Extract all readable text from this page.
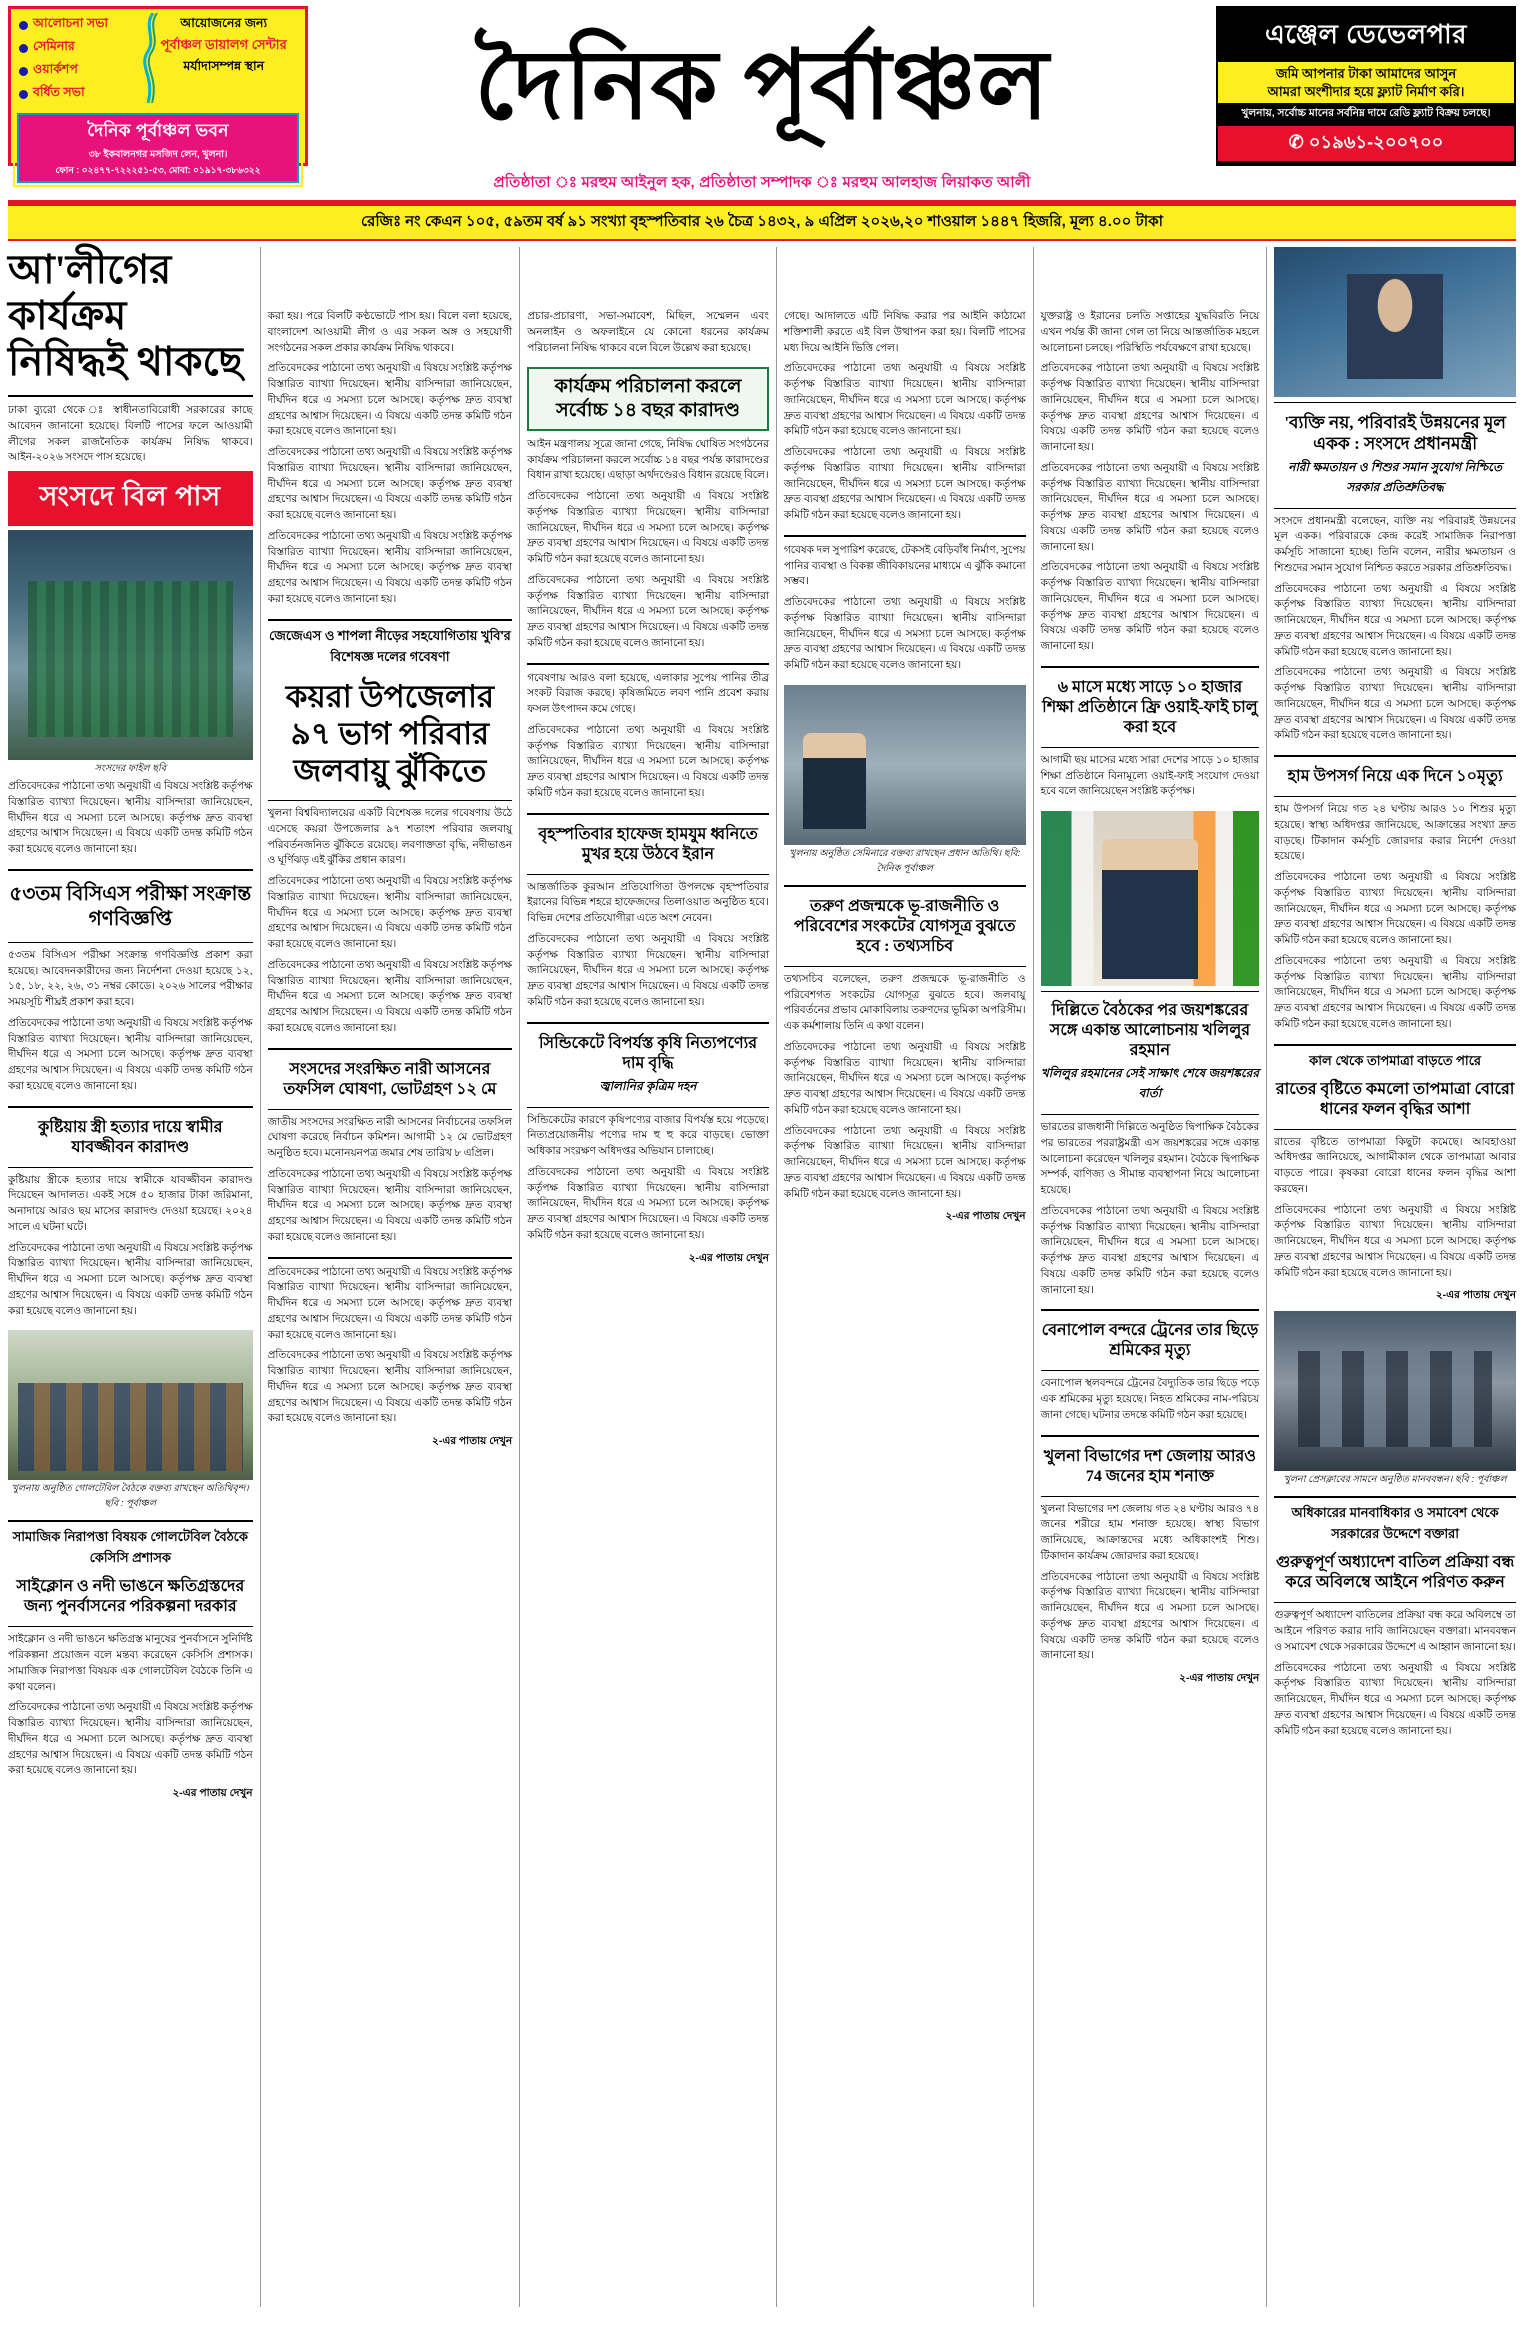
আলোচনা সভা
সেমিনার
ওয়ার্কশপ
বর্ধিত সভা
আয়োজনের জন্য
পূর্বাঞ্চল ডায়ালগ সেন্টার
মর্যাদাসম্পন্ন স্থান
দৈনিক পূর্বাঞ্চল ভবন
৩৮ ইকবালনগর মসজিদ লেন, খুলনা।
ফোন : ০২৪৭৭-৭২২২৫১-৫৩, মোবা: ০১৯১৭-৩৮৬৩২২
দৈনিক পূর্বাঞ্চল	এঞ্জেল ডেভেলপার
জমি আপনার টাকা আমাদের আসুন
আমরা অংশীদার হয়ে ফ্ল্যাট নির্মাণ করি।
খুলনায়, সর্বোচ্চ মানের সর্বনিম্ন দামে রেডি ফ্ল্যাট বিক্রয় চলছে।
✆ ০১৯৬১-২০০৭০০
প্রতিষ্ঠাতা ঃ মরহুম আইনুল হক, প্রতিষ্ঠাতা সম্পাদক ঃ মরহুম আলহাজ লিয়াকত আলী
রেজিঃ নং কেএন ১০৫, ৫৯তম বর্ষ ৯১ সংখ্যা বৃহস্পতিবার ২৬ চৈত্র ১৪৩২, ৯ এপ্রিল ২০২৬,২০ শাওয়াল ১৪৪৭ হিজরি, মূল্য ৪.০০ টাকা
আ'লীগের কার্যক্রম নিষিদ্ধই থাকছে

ঢাকা ব্যুরো থেকে ঃ স্বাধীনতাবিরোধী সরকারের কাছে আবেদন জানানো হয়েছে। বিলটি পাসের ফলে আওয়ামী লীগের সকল রাজনৈতিক কার্যক্রম নিষিদ্ধ থাকবে। আইন-২০২৬ সংসদে পাস হয়েছে।

সংসদে বিল পাস
সংসদের ফাইল ছবি

প্রতিবেদকের পাঠানো তথ্য অনুযায়ী এ বিষয়ে সংশ্লিষ্ট কর্তৃপক্ষ বিস্তারিত ব্যাখ্যা দিয়েছেন। স্থানীয় বাসিন্দারা জানিয়েছেন, দীর্ঘদিন ধরে এ সমস্যা চলে আসছে। কর্তৃপক্ষ দ্রুত ব্যবস্থা গ্রহণের আশ্বাস দিয়েছেন। এ বিষয়ে একটি তদন্ত কমিটি গঠন করা হয়েছে বলেও জানানো হয়।

৫৩তম বিসিএস পরীক্ষা সংক্রান্ত গণবিজ্ঞপ্তি

৫৩তম বিসিএস পরীক্ষা সংক্রান্ত গণবিজ্ঞপ্তি প্রকাশ করা হয়েছে। আবেদনকারীদের জন্য নির্দেশনা দেওয়া হয়েছে ১২, ১৫, ১৮, ২২, ২৬, ৩১ নম্বর কোডে। ২০২৬ সালের পরীক্ষার সময়সূচি শীঘ্রই প্রকাশ করা হবে।

প্রতিবেদকের পাঠানো তথ্য অনুযায়ী এ বিষয়ে সংশ্লিষ্ট কর্তৃপক্ষ বিস্তারিত ব্যাখ্যা দিয়েছেন। স্থানীয় বাসিন্দারা জানিয়েছেন, দীর্ঘদিন ধরে এ সমস্যা চলে আসছে। কর্তৃপক্ষ দ্রুত ব্যবস্থা গ্রহণের আশ্বাস দিয়েছেন। এ বিষয়ে একটি তদন্ত কমিটি গঠন করা হয়েছে বলেও জানানো হয়।

কুষ্টিয়ায় স্ত্রী হত্যার দায়ে স্বামীর যাবজ্জীবন কারাদণ্ড

কুষ্টিয়ায় স্ত্রীকে হত্যার দায়ে স্বামীকে যাবজ্জীবন কারাদণ্ড দিয়েছেন আদালত। একই সঙ্গে ৫০ হাজার টাকা জরিমানা, অনাদায়ে আরও ছয় মাসের কারাদণ্ড দেওয়া হয়েছে। ২০২৪ সালে এ ঘটনা ঘটে।

প্রতিবেদকের পাঠানো তথ্য অনুযায়ী এ বিষয়ে সংশ্লিষ্ট কর্তৃপক্ষ বিস্তারিত ব্যাখ্যা দিয়েছেন। স্থানীয় বাসিন্দারা জানিয়েছেন, দীর্ঘদিন ধরে এ সমস্যা চলে আসছে। কর্তৃপক্ষ দ্রুত ব্যবস্থা গ্রহণের আশ্বাস দিয়েছেন। এ বিষয়ে একটি তদন্ত কমিটি গঠন করা হয়েছে বলেও জানানো হয়।

খুলনায় অনুষ্ঠিত গোলটেবিল বৈঠকে বক্তব্য রাখছেন অতিথিবৃন্দ। ছবি : পূর্বাঞ্চল
সামাজিক নিরাপত্তা বিষয়ক গোলটেবিল বৈঠকে কেসিসি প্রশাসক
সাইক্লোন ও নদী ভাঙনে ক্ষতিগ্রস্তদের জন্য পুনর্বাসনের পরিকল্পনা দরকার

সাইক্লোন ও নদী ভাঙনে ক্ষতিগ্রস্ত মানুষের পুনর্বাসনে সুনির্দিষ্ট পরিকল্পনা প্রয়োজন বলে মন্তব্য করেছেন কেসিসি প্রশাসক। সামাজিক নিরাপত্তা বিষয়ক এক গোলটেবিল বৈঠকে তিনি এ কথা বলেন।

প্রতিবেদকের পাঠানো তথ্য অনুযায়ী এ বিষয়ে সংশ্লিষ্ট কর্তৃপক্ষ বিস্তারিত ব্যাখ্যা দিয়েছেন। স্থানীয় বাসিন্দারা জানিয়েছেন, দীর্ঘদিন ধরে এ সমস্যা চলে আসছে। কর্তৃপক্ষ দ্রুত ব্যবস্থা গ্রহণের আশ্বাস দিয়েছেন। এ বিষয়ে একটি তদন্ত কমিটি গঠন করা হয়েছে বলেও জানানো হয়।

২-এর পাতায় দেখুন

করা হয়। পরে বিলটি কণ্ঠভোটে পাস হয়। বিলে বলা হয়েছে, বাংলাদেশ আওয়ামী লীগ ও এর সকল অঙ্গ ও সহযোগী সংগঠনের সকল প্রকার কার্যক্রম নিষিদ্ধ থাকবে।

প্রতিবেদকের পাঠানো তথ্য অনুযায়ী এ বিষয়ে সংশ্লিষ্ট কর্তৃপক্ষ বিস্তারিত ব্যাখ্যা দিয়েছেন। স্থানীয় বাসিন্দারা জানিয়েছেন, দীর্ঘদিন ধরে এ সমস্যা চলে আসছে। কর্তৃপক্ষ দ্রুত ব্যবস্থা গ্রহণের আশ্বাস দিয়েছেন। এ বিষয়ে একটি তদন্ত কমিটি গঠন করা হয়েছে বলেও জানানো হয়।

প্রতিবেদকের পাঠানো তথ্য অনুযায়ী এ বিষয়ে সংশ্লিষ্ট কর্তৃপক্ষ বিস্তারিত ব্যাখ্যা দিয়েছেন। স্থানীয় বাসিন্দারা জানিয়েছেন, দীর্ঘদিন ধরে এ সমস্যা চলে আসছে। কর্তৃপক্ষ দ্রুত ব্যবস্থা গ্রহণের আশ্বাস দিয়েছেন। এ বিষয়ে একটি তদন্ত কমিটি গঠন করা হয়েছে বলেও জানানো হয়।

প্রতিবেদকের পাঠানো তথ্য অনুযায়ী এ বিষয়ে সংশ্লিষ্ট কর্তৃপক্ষ বিস্তারিত ব্যাখ্যা দিয়েছেন। স্থানীয় বাসিন্দারা জানিয়েছেন, দীর্ঘদিন ধরে এ সমস্যা চলে আসছে। কর্তৃপক্ষ দ্রুত ব্যবস্থা গ্রহণের আশ্বাস দিয়েছেন। এ বিষয়ে একটি তদন্ত কমিটি গঠন করা হয়েছে বলেও জানানো হয়।

জেজেএস ও শাপলা নীড়ের সহযোগিতায় খুবি'র বিশেষজ্ঞ দলের গবেষণা
কয়রা উপজেলার ৯৭ ভাগ পরিবার জলবায়ু ঝুঁকিতে

খুলনা বিশ্ববিদ্যালয়ের একটি বিশেষজ্ঞ দলের গবেষণায় উঠে এসেছে কয়রা উপজেলার ৯৭ শতাংশ পরিবার জলবায়ু পরিবর্তনজনিত ঝুঁকিতে রয়েছে। লবণাক্ততা বৃদ্ধি, নদীভাঙন ও ঘূর্ণিঝড় এই ঝুঁকির প্রধান কারণ।

প্রতিবেদকের পাঠানো তথ্য অনুযায়ী এ বিষয়ে সংশ্লিষ্ট কর্তৃপক্ষ বিস্তারিত ব্যাখ্যা দিয়েছেন। স্থানীয় বাসিন্দারা জানিয়েছেন, দীর্ঘদিন ধরে এ সমস্যা চলে আসছে। কর্তৃপক্ষ দ্রুত ব্যবস্থা গ্রহণের আশ্বাস দিয়েছেন। এ বিষয়ে একটি তদন্ত কমিটি গঠন করা হয়েছে বলেও জানানো হয়।

প্রতিবেদকের পাঠানো তথ্য অনুযায়ী এ বিষয়ে সংশ্লিষ্ট কর্তৃপক্ষ বিস্তারিত ব্যাখ্যা দিয়েছেন। স্থানীয় বাসিন্দারা জানিয়েছেন, দীর্ঘদিন ধরে এ সমস্যা চলে আসছে। কর্তৃপক্ষ দ্রুত ব্যবস্থা গ্রহণের আশ্বাস দিয়েছেন। এ বিষয়ে একটি তদন্ত কমিটি গঠন করা হয়েছে বলেও জানানো হয়।

সংসদের সংরক্ষিত নারী আসনের তফসিল ঘোষণা, ভোটগ্রহণ ১২ মে

জাতীয় সংসদের সংরক্ষিত নারী আসনের নির্বাচনের তফসিল ঘোষণা করেছে নির্বাচন কমিশন। আগামী ১২ মে ভোটগ্রহণ অনুষ্ঠিত হবে। মনোনয়নপত্র জমার শেষ তারিখ ৮ এপ্রিল।

প্রতিবেদকের পাঠানো তথ্য অনুযায়ী এ বিষয়ে সংশ্লিষ্ট কর্তৃপক্ষ বিস্তারিত ব্যাখ্যা দিয়েছেন। স্থানীয় বাসিন্দারা জানিয়েছেন, দীর্ঘদিন ধরে এ সমস্যা চলে আসছে। কর্তৃপক্ষ দ্রুত ব্যবস্থা গ্রহণের আশ্বাস দিয়েছেন। এ বিষয়ে একটি তদন্ত কমিটি গঠন করা হয়েছে বলেও জানানো হয়।

প্রতিবেদকের পাঠানো তথ্য অনুযায়ী এ বিষয়ে সংশ্লিষ্ট কর্তৃপক্ষ বিস্তারিত ব্যাখ্যা দিয়েছেন। স্থানীয় বাসিন্দারা জানিয়েছেন, দীর্ঘদিন ধরে এ সমস্যা চলে আসছে। কর্তৃপক্ষ দ্রুত ব্যবস্থা গ্রহণের আশ্বাস দিয়েছেন। এ বিষয়ে একটি তদন্ত কমিটি গঠন করা হয়েছে বলেও জানানো হয়।

প্রতিবেদকের পাঠানো তথ্য অনুযায়ী এ বিষয়ে সংশ্লিষ্ট কর্তৃপক্ষ বিস্তারিত ব্যাখ্যা দিয়েছেন। স্থানীয় বাসিন্দারা জানিয়েছেন, দীর্ঘদিন ধরে এ সমস্যা চলে আসছে। কর্তৃপক্ষ দ্রুত ব্যবস্থা গ্রহণের আশ্বাস দিয়েছেন। এ বিষয়ে একটি তদন্ত কমিটি গঠন করা হয়েছে বলেও জানানো হয়।

২-এর পাতায় দেখুন

প্রচার-প্রচারণা, সভা-সমাবেশ, মিছিল, সম্মেলন এবং অনলাইন ও অফলাইনে যে কোনো ধরনের কার্যক্রম পরিচালনা নিষিদ্ধ থাকবে বলে বিলে উল্লেখ করা হয়েছে।

কার্যক্রম পরিচালনা করলে সর্বোচ্চ ১৪ বছর কারাদণ্ড

আইন মন্ত্রণালয় সূত্রে জানা গেছে, নিষিদ্ধ ঘোষিত সংগঠনের কার্যক্রম পরিচালনা করলে সর্বোচ্চ ১৪ বছর পর্যন্ত কারাদণ্ডের বিধান রাখা হয়েছে। এছাড়া অর্থদণ্ডেরও বিধান রয়েছে বিলে।

প্রতিবেদকের পাঠানো তথ্য অনুযায়ী এ বিষয়ে সংশ্লিষ্ট কর্তৃপক্ষ বিস্তারিত ব্যাখ্যা দিয়েছেন। স্থানীয় বাসিন্দারা জানিয়েছেন, দীর্ঘদিন ধরে এ সমস্যা চলে আসছে। কর্তৃপক্ষ দ্রুত ব্যবস্থা গ্রহণের আশ্বাস দিয়েছেন। এ বিষয়ে একটি তদন্ত কমিটি গঠন করা হয়েছে বলেও জানানো হয়।

প্রতিবেদকের পাঠানো তথ্য অনুযায়ী এ বিষয়ে সংশ্লিষ্ট কর্তৃপক্ষ বিস্তারিত ব্যাখ্যা দিয়েছেন। স্থানীয় বাসিন্দারা জানিয়েছেন, দীর্ঘদিন ধরে এ সমস্যা চলে আসছে। কর্তৃপক্ষ দ্রুত ব্যবস্থা গ্রহণের আশ্বাস দিয়েছেন। এ বিষয়ে একটি তদন্ত কমিটি গঠন করা হয়েছে বলেও জানানো হয়।

গবেষণায় আরও বলা হয়েছে, এলাকার সুপেয় পানির তীব্র সংকট বিরাজ করছে। কৃষিজমিতে লবণ পানি প্রবেশ করায় ফসল উৎপাদন কমে গেছে।

প্রতিবেদকের পাঠানো তথ্য অনুযায়ী এ বিষয়ে সংশ্লিষ্ট কর্তৃপক্ষ বিস্তারিত ব্যাখ্যা দিয়েছেন। স্থানীয় বাসিন্দারা জানিয়েছেন, দীর্ঘদিন ধরে এ সমস্যা চলে আসছে। কর্তৃপক্ষ দ্রুত ব্যবস্থা গ্রহণের আশ্বাস দিয়েছেন। এ বিষয়ে একটি তদন্ত কমিটি গঠন করা হয়েছে বলেও জানানো হয়।

বৃহস্পতিবার হাফেজ হামযুম ধ্বনিতে মুখর হয়ে উঠবে ইরান

আন্তর্জাতিক কুরআন প্রতিযোগিতা উপলক্ষে বৃহস্পতিবার ইরানের বিভিন্ন শহরে হাফেজদের তিলাওয়াত অনুষ্ঠিত হবে। বিভিন্ন দেশের প্রতিযোগীরা এতে অংশ নেবেন।

প্রতিবেদকের পাঠানো তথ্য অনুযায়ী এ বিষয়ে সংশ্লিষ্ট কর্তৃপক্ষ বিস্তারিত ব্যাখ্যা দিয়েছেন। স্থানীয় বাসিন্দারা জানিয়েছেন, দীর্ঘদিন ধরে এ সমস্যা চলে আসছে। কর্তৃপক্ষ দ্রুত ব্যবস্থা গ্রহণের আশ্বাস দিয়েছেন। এ বিষয়ে একটি তদন্ত কমিটি গঠন করা হয়েছে বলেও জানানো হয়।

সিন্ডিকেটে বিপর্যস্ত কৃষি নিত্যপণ্যের দাম বৃদ্ধি
জ্বালানির কৃত্রিম দহন

সিন্ডিকেটের কারণে কৃষিপণ্যের বাজার বিপর্যস্ত হয়ে পড়েছে। নিত্যপ্রয়োজনীয় পণ্যের দাম হু হু করে বাড়ছে। ভোক্তা অধিকার সংরক্ষণ অধিদপ্তর অভিযান চালাচ্ছে।

প্রতিবেদকের পাঠানো তথ্য অনুযায়ী এ বিষয়ে সংশ্লিষ্ট কর্তৃপক্ষ বিস্তারিত ব্যাখ্যা দিয়েছেন। স্থানীয় বাসিন্দারা জানিয়েছেন, দীর্ঘদিন ধরে এ সমস্যা চলে আসছে। কর্তৃপক্ষ দ্রুত ব্যবস্থা গ্রহণের আশ্বাস দিয়েছেন। এ বিষয়ে একটি তদন্ত কমিটি গঠন করা হয়েছে বলেও জানানো হয়।

২-এর পাতায় দেখুন

গেছে। আদালতে এটি নিষিদ্ধ করার পর আইনি কাঠামো শক্তিশালী করতে এই বিল উত্থাপন করা হয়। বিলটি পাসের মধ্য দিয়ে আইনি ভিত্তি পেল।

প্রতিবেদকের পাঠানো তথ্য অনুযায়ী এ বিষয়ে সংশ্লিষ্ট কর্তৃপক্ষ বিস্তারিত ব্যাখ্যা দিয়েছেন। স্থানীয় বাসিন্দারা জানিয়েছেন, দীর্ঘদিন ধরে এ সমস্যা চলে আসছে। কর্তৃপক্ষ দ্রুত ব্যবস্থা গ্রহণের আশ্বাস দিয়েছেন। এ বিষয়ে একটি তদন্ত কমিটি গঠন করা হয়েছে বলেও জানানো হয়।

প্রতিবেদকের পাঠানো তথ্য অনুযায়ী এ বিষয়ে সংশ্লিষ্ট কর্তৃপক্ষ বিস্তারিত ব্যাখ্যা দিয়েছেন। স্থানীয় বাসিন্দারা জানিয়েছেন, দীর্ঘদিন ধরে এ সমস্যা চলে আসছে। কর্তৃপক্ষ দ্রুত ব্যবস্থা গ্রহণের আশ্বাস দিয়েছেন। এ বিষয়ে একটি তদন্ত কমিটি গঠন করা হয়েছে বলেও জানানো হয়।

গবেষক দল সুপারিশ করেছে, টেকসই বেড়িবাঁধ নির্মাণ, সুপেয় পানির ব্যবস্থা ও বিকল্প জীবিকায়নের মাধ্যমে এ ঝুঁকি কমানো সম্ভব।

প্রতিবেদকের পাঠানো তথ্য অনুযায়ী এ বিষয়ে সংশ্লিষ্ট কর্তৃপক্ষ বিস্তারিত ব্যাখ্যা দিয়েছেন। স্থানীয় বাসিন্দারা জানিয়েছেন, দীর্ঘদিন ধরে এ সমস্যা চলে আসছে। কর্তৃপক্ষ দ্রুত ব্যবস্থা গ্রহণের আশ্বাস দিয়েছেন। এ বিষয়ে একটি তদন্ত কমিটি গঠন করা হয়েছে বলেও জানানো হয়।

খুলনায় অনুষ্ঠিত সেমিনারে বক্তব্য রাখছেন প্রধান অতিথি। ছবি: দৈনিক পূর্বাঞ্চল
তরুণ প্রজন্মকে ভূ-রাজনীতি ও পরিবেশের সংকটের যোগসূত্র বুঝতে হবে : তথ্যসচিব

তথ্যসচিব বলেছেন, তরুণ প্রজন্মকে ভূ-রাজনীতি ও পরিবেশগত সংকটের যোগসূত্র বুঝতে হবে। জলবায়ু পরিবর্তনের প্রভাব মোকাবিলায় তরুণদের ভূমিকা অপরিসীম। এক কর্মশালায় তিনি এ কথা বলেন।

প্রতিবেদকের পাঠানো তথ্য অনুযায়ী এ বিষয়ে সংশ্লিষ্ট কর্তৃপক্ষ বিস্তারিত ব্যাখ্যা দিয়েছেন। স্থানীয় বাসিন্দারা জানিয়েছেন, দীর্ঘদিন ধরে এ সমস্যা চলে আসছে। কর্তৃপক্ষ দ্রুত ব্যবস্থা গ্রহণের আশ্বাস দিয়েছেন। এ বিষয়ে একটি তদন্ত কমিটি গঠন করা হয়েছে বলেও জানানো হয়।

প্রতিবেদকের পাঠানো তথ্য অনুযায়ী এ বিষয়ে সংশ্লিষ্ট কর্তৃপক্ষ বিস্তারিত ব্যাখ্যা দিয়েছেন। স্থানীয় বাসিন্দারা জানিয়েছেন, দীর্ঘদিন ধরে এ সমস্যা চলে আসছে। কর্তৃপক্ষ দ্রুত ব্যবস্থা গ্রহণের আশ্বাস দিয়েছেন। এ বিষয়ে একটি তদন্ত কমিটি গঠন করা হয়েছে বলেও জানানো হয়।

২-এর পাতায় দেখুন

যুক্তরাষ্ট্র ও ইরানের চলতি সপ্তাহের যুদ্ধবিরতি নিয়ে এখন পর্যন্ত কী জানা গেল তা নিয়ে আন্তর্জাতিক মহলে আলোচনা চলছে। পরিস্থিতি পর্যবেক্ষণে রাখা হয়েছে।

প্রতিবেদকের পাঠানো তথ্য অনুযায়ী এ বিষয়ে সংশ্লিষ্ট কর্তৃপক্ষ বিস্তারিত ব্যাখ্যা দিয়েছেন। স্থানীয় বাসিন্দারা জানিয়েছেন, দীর্ঘদিন ধরে এ সমস্যা চলে আসছে। কর্তৃপক্ষ দ্রুত ব্যবস্থা গ্রহণের আশ্বাস দিয়েছেন। এ বিষয়ে একটি তদন্ত কমিটি গঠন করা হয়েছে বলেও জানানো হয়।

প্রতিবেদকের পাঠানো তথ্য অনুযায়ী এ বিষয়ে সংশ্লিষ্ট কর্তৃপক্ষ বিস্তারিত ব্যাখ্যা দিয়েছেন। স্থানীয় বাসিন্দারা জানিয়েছেন, দীর্ঘদিন ধরে এ সমস্যা চলে আসছে। কর্তৃপক্ষ দ্রুত ব্যবস্থা গ্রহণের আশ্বাস দিয়েছেন। এ বিষয়ে একটি তদন্ত কমিটি গঠন করা হয়েছে বলেও জানানো হয়।

প্রতিবেদকের পাঠানো তথ্য অনুযায়ী এ বিষয়ে সংশ্লিষ্ট কর্তৃপক্ষ বিস্তারিত ব্যাখ্যা দিয়েছেন। স্থানীয় বাসিন্দারা জানিয়েছেন, দীর্ঘদিন ধরে এ সমস্যা চলে আসছে। কর্তৃপক্ষ দ্রুত ব্যবস্থা গ্রহণের আশ্বাস দিয়েছেন। এ বিষয়ে একটি তদন্ত কমিটি গঠন করা হয়েছে বলেও জানানো হয়।

৬ মাসে মধ্যে সাড়ে ১০ হাজার শিক্ষা প্রতিষ্ঠানে ফ্রি ওয়াই-ফাই চালু করা হবে

আগামী ছয় মাসের মধ্যে সারা দেশের সাড়ে ১০ হাজার শিক্ষা প্রতিষ্ঠানে বিনামূল্যে ওয়াই-ফাই সংযোগ দেওয়া হবে বলে জানিয়েছেন সংশ্লিষ্ট কর্তৃপক্ষ।

দিল্লিতে বৈঠকের পর জয়শঙ্করের সঙ্গে একান্ত আলোচনায় খলিলুর রহমান
খলিলুর রহমানের সেই সাক্ষাৎ শেষে জয়শঙ্করের বার্তা

ভারতের রাজধানী দিল্লিতে অনুষ্ঠিত দ্বিপাক্ষিক বৈঠকের পর ভারতের পররাষ্ট্রমন্ত্রী এস জয়শঙ্করের সঙ্গে একান্ত আলোচনা করেছেন খলিলুর রহমান। বৈঠকে দ্বিপাক্ষিক সম্পর্ক, বাণিজ্য ও সীমান্ত ব্যবস্থাপনা নিয়ে আলোচনা হয়েছে।

প্রতিবেদকের পাঠানো তথ্য অনুযায়ী এ বিষয়ে সংশ্লিষ্ট কর্তৃপক্ষ বিস্তারিত ব্যাখ্যা দিয়েছেন। স্থানীয় বাসিন্দারা জানিয়েছেন, দীর্ঘদিন ধরে এ সমস্যা চলে আসছে। কর্তৃপক্ষ দ্রুত ব্যবস্থা গ্রহণের আশ্বাস দিয়েছেন। এ বিষয়ে একটি তদন্ত কমিটি গঠন করা হয়েছে বলেও জানানো হয়।

বেনাপোল বন্দরে ট্রেনের তার ছিড়ে শ্রমিকের মৃত্যু

বেনাপোল স্থলবন্দরে ট্রেনের বৈদ্যুতিক তার ছিড়ে পড়ে এক শ্রমিকের মৃত্যু হয়েছে। নিহত শ্রমিকের নাম-পরিচয় জানা গেছে। ঘটনার তদন্তে কমিটি গঠন করা হয়েছে।

খুলনা বিভাগের দশ জেলায় আরও 74 জনের হাম শনাক্ত

খুলনা বিভাগের দশ জেলায় গত ২৪ ঘণ্টায় আরও ৭৪ জনের শরীরে হাম শনাক্ত হয়েছে। স্বাস্থ্য বিভাগ জানিয়েছে, আক্রান্তদের মধ্যে অধিকাংশই শিশু। টিকাদান কার্যক্রম জোরদার করা হয়েছে।

প্রতিবেদকের পাঠানো তথ্য অনুযায়ী এ বিষয়ে সংশ্লিষ্ট কর্তৃপক্ষ বিস্তারিত ব্যাখ্যা দিয়েছেন। স্থানীয় বাসিন্দারা জানিয়েছেন, দীর্ঘদিন ধরে এ সমস্যা চলে আসছে। কর্তৃপক্ষ দ্রুত ব্যবস্থা গ্রহণের আশ্বাস দিয়েছেন। এ বিষয়ে একটি তদন্ত কমিটি গঠন করা হয়েছে বলেও জানানো হয়।

২-এর পাতায় দেখুন
'ব্যক্তি নয়, পরিবারই উন্নয়নের মূল একক : সংসদে প্রধানমন্ত্রী
নারী ক্ষমতায়ন ও শিশুর সমান সুযোগ নিশ্চিতে সরকার প্রতিশ্রুতিবদ্ধ

সংসদে প্রধানমন্ত্রী বলেছেন, ব্যক্তি নয় পরিবারই উন্নয়নের মূল একক। পরিবারকে কেন্দ্র করেই সামাজিক নিরাপত্তা কর্মসূচি সাজানো হচ্ছে। তিনি বলেন, নারীর ক্ষমতায়ন ও শিশুদের সমান সুযোগ নিশ্চিত করতে সরকার প্রতিশ্রুতিবদ্ধ।

প্রতিবেদকের পাঠানো তথ্য অনুযায়ী এ বিষয়ে সংশ্লিষ্ট কর্তৃপক্ষ বিস্তারিত ব্যাখ্যা দিয়েছেন। স্থানীয় বাসিন্দারা জানিয়েছেন, দীর্ঘদিন ধরে এ সমস্যা চলে আসছে। কর্তৃপক্ষ দ্রুত ব্যবস্থা গ্রহণের আশ্বাস দিয়েছেন। এ বিষয়ে একটি তদন্ত কমিটি গঠন করা হয়েছে বলেও জানানো হয়।

প্রতিবেদকের পাঠানো তথ্য অনুযায়ী এ বিষয়ে সংশ্লিষ্ট কর্তৃপক্ষ বিস্তারিত ব্যাখ্যা দিয়েছেন। স্থানীয় বাসিন্দারা জানিয়েছেন, দীর্ঘদিন ধরে এ সমস্যা চলে আসছে। কর্তৃপক্ষ দ্রুত ব্যবস্থা গ্রহণের আশ্বাস দিয়েছেন। এ বিষয়ে একটি তদন্ত কমিটি গঠন করা হয়েছে বলেও জানানো হয়।

হাম উপসর্গ নিয়ে এক দিনে ১০মৃত্যু

হাম উপসর্গ নিয়ে গত ২৪ ঘণ্টায় আরও ১০ শিশুর মৃত্যু হয়েছে। স্বাস্থ্য অধিদপ্তর জানিয়েছে, আক্রান্তের সংখ্যা দ্রুত বাড়ছে। টিকাদান কর্মসূচি জোরদার করার নির্দেশ দেওয়া হয়েছে।

প্রতিবেদকের পাঠানো তথ্য অনুযায়ী এ বিষয়ে সংশ্লিষ্ট কর্তৃপক্ষ বিস্তারিত ব্যাখ্যা দিয়েছেন। স্থানীয় বাসিন্দারা জানিয়েছেন, দীর্ঘদিন ধরে এ সমস্যা চলে আসছে। কর্তৃপক্ষ দ্রুত ব্যবস্থা গ্রহণের আশ্বাস দিয়েছেন। এ বিষয়ে একটি তদন্ত কমিটি গঠন করা হয়েছে বলেও জানানো হয়।

প্রতিবেদকের পাঠানো তথ্য অনুযায়ী এ বিষয়ে সংশ্লিষ্ট কর্তৃপক্ষ বিস্তারিত ব্যাখ্যা দিয়েছেন। স্থানীয় বাসিন্দারা জানিয়েছেন, দীর্ঘদিন ধরে এ সমস্যা চলে আসছে। কর্তৃপক্ষ দ্রুত ব্যবস্থা গ্রহণের আশ্বাস দিয়েছেন। এ বিষয়ে একটি তদন্ত কমিটি গঠন করা হয়েছে বলেও জানানো হয়।

কাল থেকে তাপমাত্রা বাড়তে পারে
রাতের বৃষ্টিতে কমলো তাপমাত্রা বোরো ধানের ফলন বৃদ্ধির আশা

রাতের বৃষ্টিতে তাপমাত্রা কিছুটা কমেছে। আবহাওয়া অধিদপ্তর জানিয়েছে, আগামীকাল থেকে তাপমাত্রা আবার বাড়তে পারে। কৃষকরা বোরো ধানের ফলন বৃদ্ধির আশা করছেন।

প্রতিবেদকের পাঠানো তথ্য অনুযায়ী এ বিষয়ে সংশ্লিষ্ট কর্তৃপক্ষ বিস্তারিত ব্যাখ্যা দিয়েছেন। স্থানীয় বাসিন্দারা জানিয়েছেন, দীর্ঘদিন ধরে এ সমস্যা চলে আসছে। কর্তৃপক্ষ দ্রুত ব্যবস্থা গ্রহণের আশ্বাস দিয়েছেন। এ বিষয়ে একটি তদন্ত কমিটি গঠন করা হয়েছে বলেও জানানো হয়।

২-এর পাতায় দেখুন
খুলনা প্রেসক্লাবের সামনে অনুষ্ঠিত মানববন্ধন। ছবি : পূর্বাঞ্চল
অধিকারের মানবাধিকার ও সমাবেশ থেকে সরকারের উদ্দেশে বক্তারা
গুরুত্বপূর্ণ অধ্যাদেশ বাতিল প্রক্রিয়া বন্ধ করে অবিলম্বে আইনে পরিণত করুন

গুরুত্বপূর্ণ অধ্যাদেশ বাতিলের প্রক্রিয়া বন্ধ করে অবিলম্বে তা আইনে পরিণত করার দাবি জানিয়েছেন বক্তারা। মানববন্ধন ও সমাবেশ থেকে সরকারের উদ্দেশে এ আহ্বান জানানো হয়।

প্রতিবেদকের পাঠানো তথ্য অনুযায়ী এ বিষয়ে সংশ্লিষ্ট কর্তৃপক্ষ বিস্তারিত ব্যাখ্যা দিয়েছেন। স্থানীয় বাসিন্দারা জানিয়েছেন, দীর্ঘদিন ধরে এ সমস্যা চলে আসছে। কর্তৃপক্ষ দ্রুত ব্যবস্থা গ্রহণের আশ্বাস দিয়েছেন। এ বিষয়ে একটি তদন্ত কমিটি গঠন করা হয়েছে বলেও জানানো হয়।
